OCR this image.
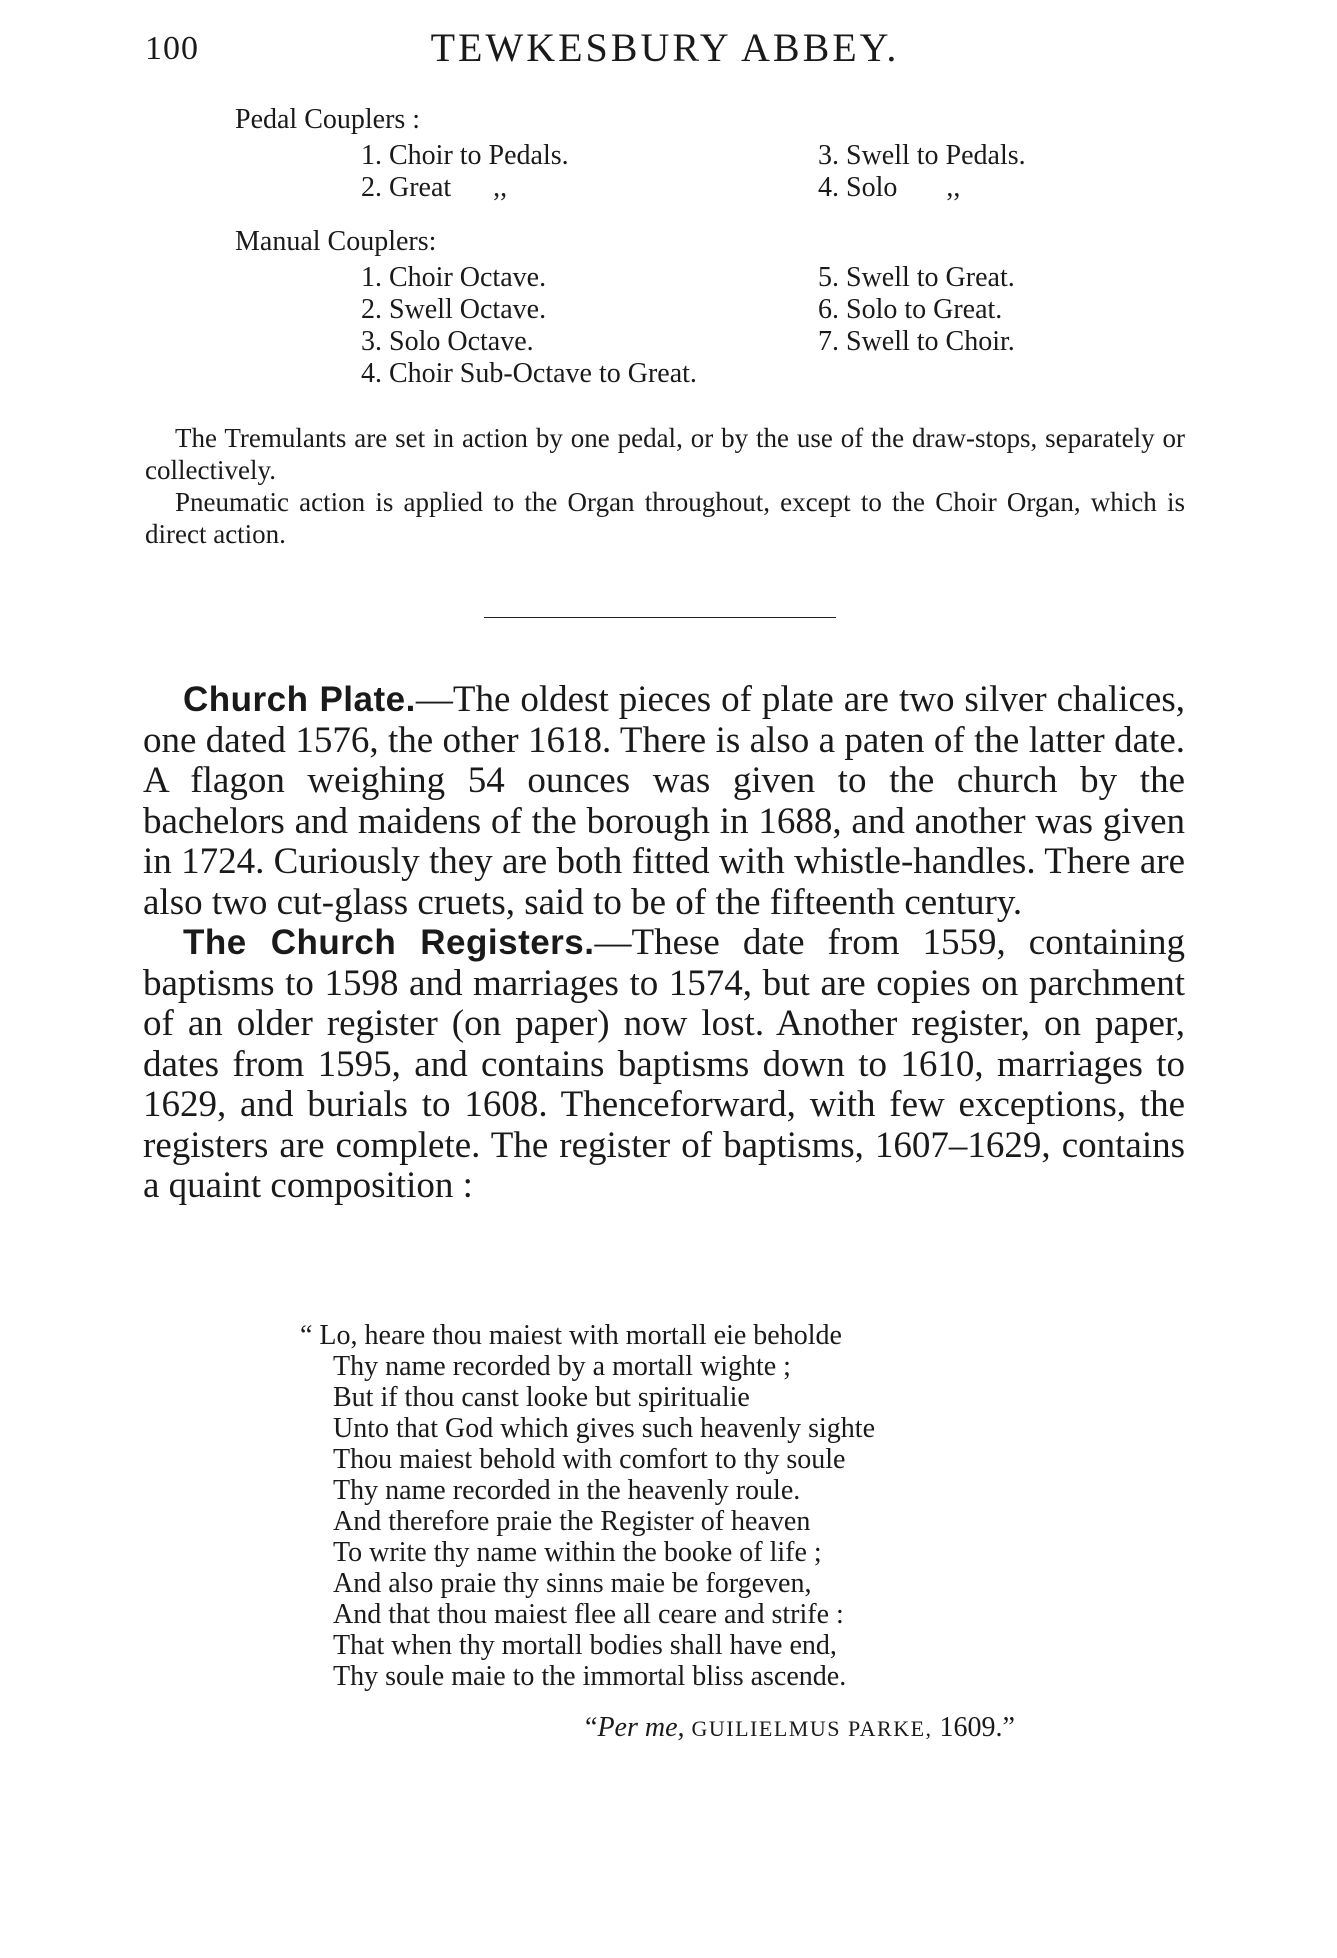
100	TEWKESBURY ABBEY.
Pedal Couplers :
1. Choir to Pedals.
2. Great      ,,
3. Swell to Pedals.
4. Solo       ,,
Manual Couplers:
1. Choir Octave.
2. Swell Octave.
3. Solo Octave.
4. Choir Sub-Octave to Great.
5. Swell to Great.
6. Solo to Great.
7. Swell to Choir.

The Tremulants are set in action by one pedal, or by the use of the draw-stops, separately or collectively.

Pneumatic action is applied to the Organ throughout, except to the Choir Organ, which is direct action.

Church Plate.—The oldest pieces of plate are two silver chalices, one dated 1576, the other 1618. There is also a paten of the latter date. A flagon weighing 54 ounces was given to the church by the bachelors and maidens of the borough in 1688, and another was given in 1724. Curiously they are both fitted with whistle-handles. There are also two cut-glass cruets, said to be of the fifteenth century.

The Church Registers.—These date from 1559, containing baptisms to 1598 and marriages to 1574, but are copies on parchment of an older register (on paper) now lost. Another register, on paper, dates from 1595, and contains baptisms down to 1610, marriages to 1629, and burials to 1608. Thenceforward, with few exceptions, the registers are complete. The register of baptisms, 1607–1629, contains a quaint composition :

“ Lo, heare thou maiest with mortall eie beholde
Thy name recorded by a mortall wighte ;
But if thou canst looke but spiritualie
Unto that God which gives such heavenly sighte
Thou maiest behold with comfort to thy soule
Thy name recorded in the heavenly roule.
And therefore praie the Register of heaven
To write thy name within the booke of life ;
And also praie thy sinns maie be forgeven,
And that thou maiest flee all ceare and strife :
That when thy mortall bodies shall have end,
Thy soule maie to the immortal bliss ascende.
“Per me, GUILIELMUS PARKE, 1609.”
